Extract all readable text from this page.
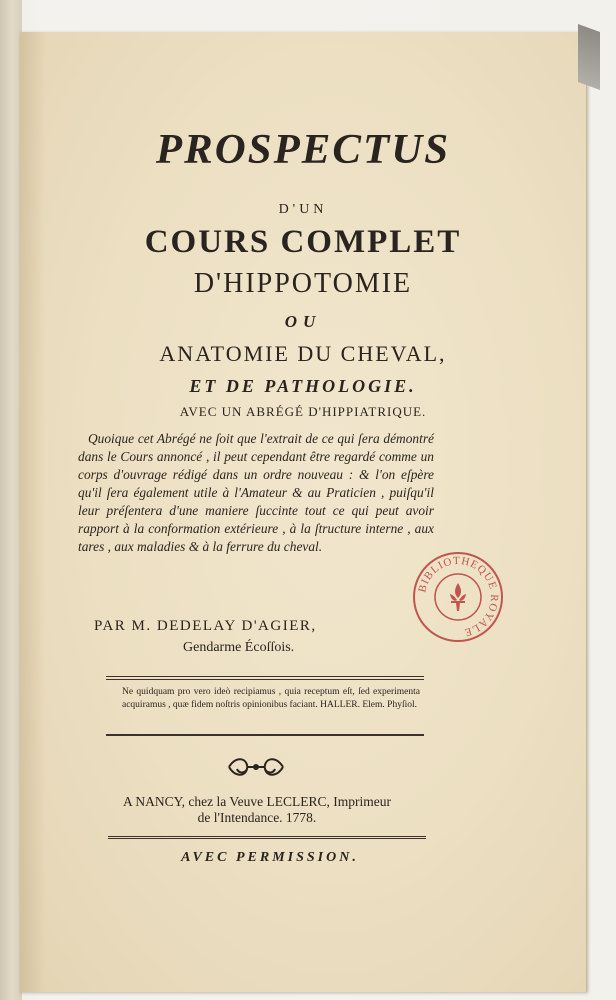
PROSPECTUS
D'UN
COURS COMPLET
D'HIPPOTOMIE
OU
ANATOMIE DU CHEVAL,
ET DE PATHOLOGIE.
AVEC UN ABRÉGÉ D'HIPPIATRIQUE.
Quoique cet Abrégé ne ſoit que l'extrait de ce qui ſera démontré dans le Cours annoncé , il peut cependant être regardé comme un corps d'ouvrage rédigé dans un ordre nouveau : & l'on eſpère qu'il ſera également utile à l'Amateur & au Praticien , puiſqu'il leur préſentera d'une maniere ſuccinte tout ce qui peut avoir rapport à la conformation extérieure , à la ſtructure interne , aux tares , aux maladies & à la ferrure du cheval.
PAR M. DEDELAY D'AGIER,
Gendarme Écoſſois.
Ne quidquam pro vero ideò recipiamus , quia receptum eſt, ſed experimenta acquiramus , quæ fidem noſtris opinionibus faciant. HALLER. Elem. Phyſiol.
A NANCY, chez la Veuve LECLERC, Imprimeur
de l'Intendance. 1778.
AVEC PERMISSION.
BIBLIOTHEQUE ROYALE
